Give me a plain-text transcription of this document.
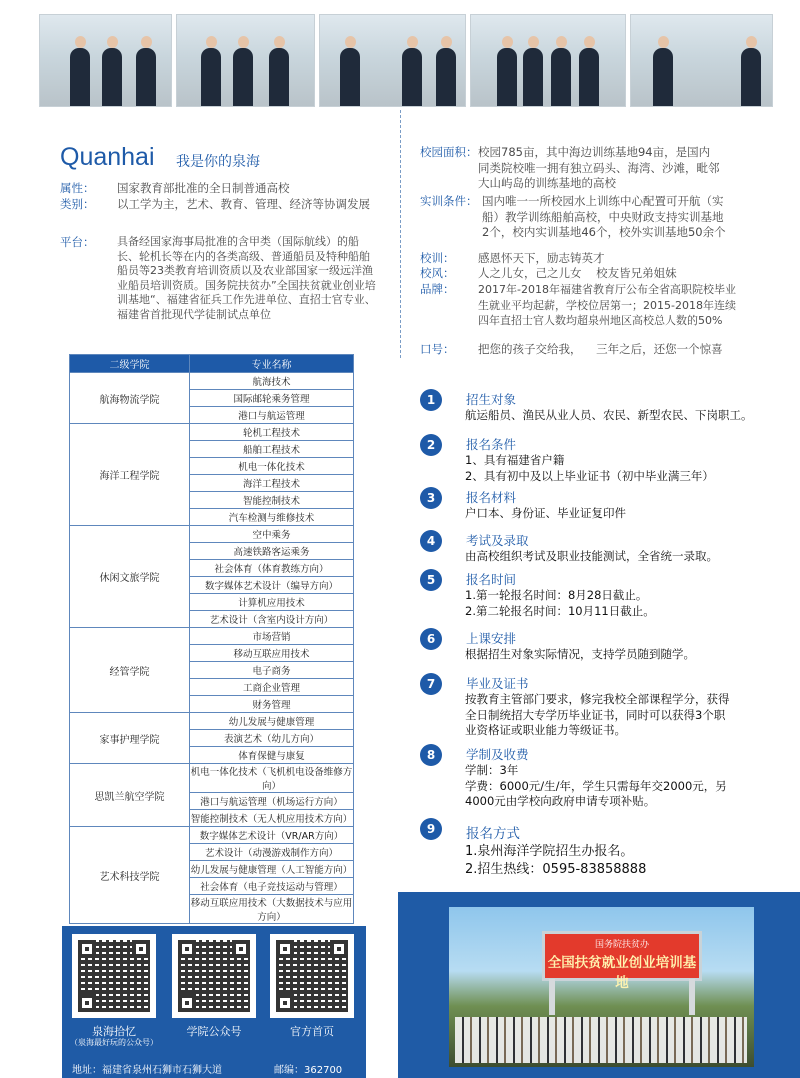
Quanhai 我是你的泉海
属性：	国家教育部批准的全日制普通高校
类别：	以工学为主，艺术、教育、管理、经济等协调发展
平台：	具备经国家海事局批准的含甲类（国际航线）的船长、轮机长等在内的各类高级、普通船员及特种船舶船员等23类教育培训资质以及农业部国家一级远洋渔业船员培训资质。国务院扶贫办”全国扶贫就业创业培训基地“、福建省征兵工作先进单位、直招士官专业、福建省首批现代学徒制试点单位
校园面积： 校园785亩，其中海边训练基地94亩，是国内同类院校唯一拥有独立码头、海湾、沙滩，毗邻大山屿岛的训练基地的高校
实训条件： 国内唯一一所校园水上训练中心配置可开航（实船）教学训练船舶高校，中央财政支持实训基地2个，校内实训基地46个，校外实训基地50余个
校训：	感恩怀天下，励志铸英才
校风：	人之儿女，己之儿女    校友皆兄弟姐妹
品牌：	2017年-2018年福建省教育厅公布全省高职院校毕业生就业平均起薪，学校位居第一；2015-2018年连续四年直招士官人数均超泉州地区高校总人数的50%
口号：	把您的孩子交给我，    三年之后，还您一个惊喜
二级学院	专业名称
航海物流学院	航海技术
	国际邮轮乘务管理
	港口与航运管理
海洋工程学院	轮机工程技术
	船舶工程技术
	机电一体化技术
	海洋工程技术
	智能控制技术
	汽车检测与维修技术
休闲文旅学院	空中乘务
	高速铁路客运乘务
	社会体育（体育教练方向）
	数字媒体艺术设计（编导方向）
	计算机应用技术
	艺术设计（含室内设计方向）
经管学院	市场营销
	移动互联应用技术
	电子商务
	工商企业管理
	财务管理
家事护理学院	幼儿发展与健康管理
	表演艺术（幼儿方向）
	体育保健与康复
思凯兰航空学院	机电一体化技术（飞机机电设备维修方向）
	港口与航运管理（机场运行方向）
	智能控制技术（无人机应用技术方向）
艺术科技学院	数字媒体艺术设计（VR/AR方向）
	艺术设计（动漫游戏制作方向）
	幼儿发展与健康管理（人工智能方向）
	社会体育（电子竞技运动与管理）
	移动互联应用技术（大数据技术与应用方向）
1	招生对象
航运船员、渔民从业人员、农民、新型农民、下岗职工。
2	报名条件
1、具有福建省户籍
2、具有初中及以上毕业证书（初中毕业满三年）
3	报名材料
户口本、身份证、毕业证复印件
4	考试及录取
由高校组织考试及职业技能测试，全省统一录取。
5	报名时间
1.第一轮报名时间：8月28日截止。
2.第二轮报名时间：10月11日截止。
6	上课安排
根据招生对象实际情况，支持学员随到随学。
7	毕业及证书
按教育主管部门要求，修完我校全部课程学分，获得
全日制统招大专学历毕业证书，同时可以获得3个职
业资格证或职业能力等级证书。
8	学制及收费
学制：3年
学费：6000元/生/年，学生只需每年交2000元，另
4000元由学校向政府申请专项补贴。
9	报名方式
1.泉州海洋学院招生办报名。
2.招生热线：0595-83858888
泉海拾忆
（泉海最好玩的公众号）
学院公众号	官方首页
地址：福建省泉州石狮市石狮大道	邮编：362700
国务院扶贫办
全国扶贫就业创业培训基地
